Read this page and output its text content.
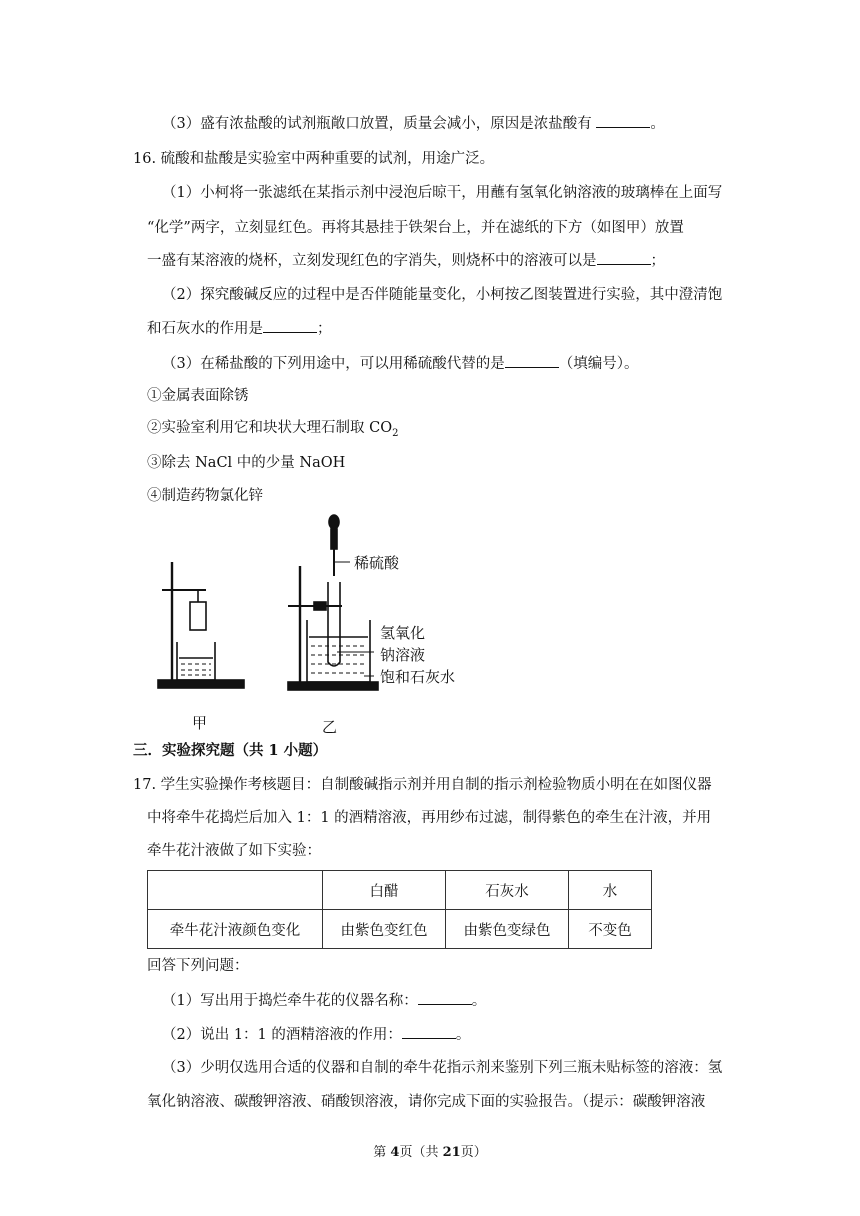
（3）盛有浓盐酸的试剂瓶敞口放置，质量会减小，原因是浓盐酸有	。
16. 硫酸和盐酸是实验室中两种重要的试剂，用途广泛。
（1）小柯将一张滤纸在某指示剂中浸泡后晾干，用蘸有氢氧化钠溶液的玻璃棒在上面写
“化学”两字，立刻显红色。再将其悬挂于铁架台上，并在滤纸的下方（如图甲）放置
一盛有某溶液的烧杯，立刻发现红色的字消失，则烧杯中的溶液可以是	；
（2）探究酸碱反应的过程中是否伴随能量变化，小柯按乙图装置进行实验，其中澄清饱
和石灰水的作用是	；
（3）在稀盐酸的下列用途中，可以用稀硫酸代替的是	（填编号）。
①金属表面除锈
②实验室利用它和块状大理石制取 $CO_2$
③除去 NaCl 中的少量 NaOH
④制造药物氯化锌
稀硫酸
氢氧化
钠溶液
饱和石灰水
甲	乙
三．实验探究题（共 1 小题）
17. 学生实验操作考核题目：自制酸碱指示剂并用自制的指示剂检验物质小明在在如图仪器
中将牵牛花捣烂后加入 1：1 的酒精溶液，再用纱布过滤，制得紫色的牵生在汁液，并用
牵牛花汁液做了如下实验：
	白醋	石灰水	水
牵牛花汁液颜色变化	由紫色变红色	由紫色变绿色	不变色
回答下列问题：
（1）写出用于捣烂牵牛花的仪器名称：	。
（2）说出 1：1 的酒精溶液的作用：	。
（3）少明仅选用合适的仪器和自制的牵牛花指示剂来鉴别下列三瓶未贴标签的溶液：氢
氧化钠溶液、碳酸钾溶液、硝酸钡溶液，请你完成下面的实验报告。（提示：碳酸钾溶液
第 4页（共 21页）
